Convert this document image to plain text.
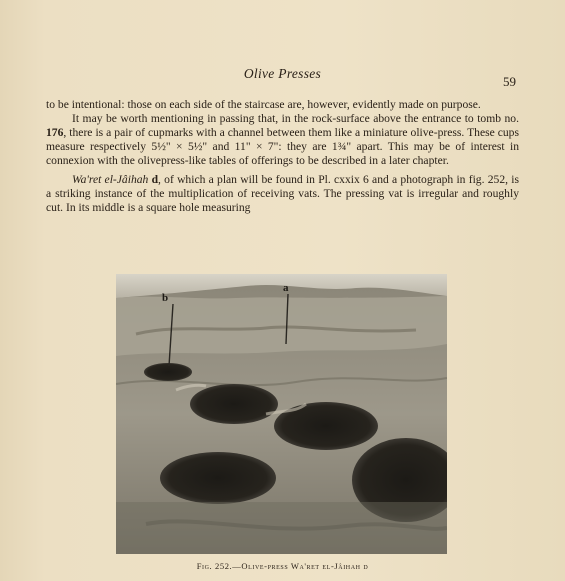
Olive Presses
59

to be intentional: those on each side of the staircase are, however, evidently made on purpose.

It may be worth mentioning in passing that, in the rock-surface above the entrance to tomb no. 176, there is a pair of cupmarks with a channel between them like a miniature olive-press. These cups measure respectively 5½" × 5½" and 11" × 7": they are 1¾" apart. This may be of interest in connexion with the olivepress-like tables of offerings to be described in a later chapter.

Wa'ret el-Jâihah d, of which a plan will be found in Pl. cxxix 6 and a photograph in fig. 252, is a striking instance of the multiplication of receiving vats. The pressing vat is irregular and roughly cut. In its middle is a square hole measuring

b
a
Fig. 252.—Olive-press Wa'ret el-Jâihah d
